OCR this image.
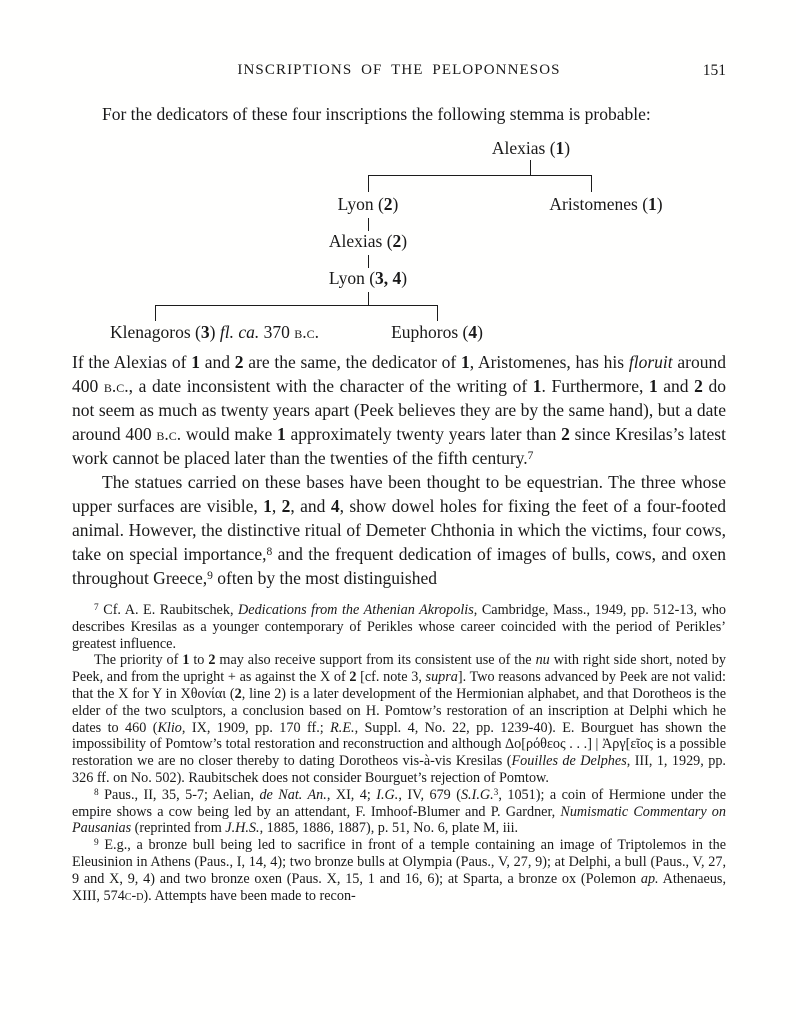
INSCRIPTIONS OF THE PELOPONNESOS	151

For the dedicators of these four inscriptions the following stemma is probable:

Alexias (1)
Lyon (2)	Aristomenes (1)
Alexias (2)
Lyon (3, 4)
Klenagoros (3) fl. ca. 370 b.c.	Euphoros (4)

If the Alexias of 1 and 2 are the same, the dedicator of 1, Aristomenes, has his floruit around 400 b.c., a date inconsistent with the character of the writing of 1. Furthermore, 1 and 2 do not seem as much as twenty years apart (Peek believes they are by the same hand), but a date around 400 b.c. would make 1 approximately twenty years later than 2 since Kresilas’s latest work cannot be placed later than the twenties of the fifth century.$^7$

The statues carried on these bases have been thought to be equestrian. The three whose upper surfaces are visible, 1, 2, and 4, show dowel holes for fixing the feet of a four-footed animal. However, the distinctive ritual of Demeter Chthonia in which the victims, four cows, take on special importance,$^8$ and the frequent dedication of images of bulls, cows, and oxen throughout Greece,$^9$ often by the most distinguished

$^7$ Cf. A. E. Raubitschek, Dedications from the Athenian Akropolis, Cambridge, Mass., 1949, pp. 512-13, who describes Kresilas as a younger contemporary of Perikles whose career coincided with the period of Perikles’ greatest influence.

The priority of 1 to 2 may also receive support from its consistent use of the nu with right side short, noted by Peek, and from the upright + as against the X of 2 [cf. note 3, supra]. Two reasons advanced by Peek are not valid: that the X for Y in Χθονίαι (2, line 2) is a later development of the Hermionian alphabet, and that Dorotheos is the elder of the two sculptors, a conclusion based on H. Pomtow’s restoration of an inscription at Delphi which he dates to 460 (Klio, IX, 1909, pp. 170 ff.; R.E., Suppl. 4, No. 22, pp. 1239-40). E. Bourguet has shown the impossibility of Pomtow’s total restoration and reconstruction and although Δο[ρόθεος . . .] | Ἀργ[εῖος is a possible restoration we are no closer thereby to dating Dorotheos vis-à-vis Kresilas (Fouilles de Delphes, III, 1, 1929, pp. 326 ff. on No. 502). Raubitschek does not consider Bourguet’s rejection of Pomtow.

$^8$ Paus., II, 35, 5-7; Aelian, de Nat. An., XI, 4; I.G., IV, 679 (S.I.G.$^3$, 1051); a coin of Hermione under the empire shows a cow being led by an attendant, F. Imhoof-Blumer and P. Gardner, Numismatic Commentary on Pausanias (reprinted from J.H.S., 1885, 1886, 1887), p. 51, No. 6, plate M, iii.

$^9$ E.g., a bronze bull being led to sacrifice in front of a temple containing an image of Triptolemos in the Eleusinion in Athens (Paus., I, 14, 4); two bronze bulls at Olympia (Paus., V, 27, 9); at Delphi, a bull (Paus., V, 27, 9 and X, 9, 4) and two bronze oxen (Paus. X, 15, 1 and 16, 6); at Sparta, a bronze ox (Polemon ap. Athenaeus, XIII, 574c-d). Attempts have been made to recon-
